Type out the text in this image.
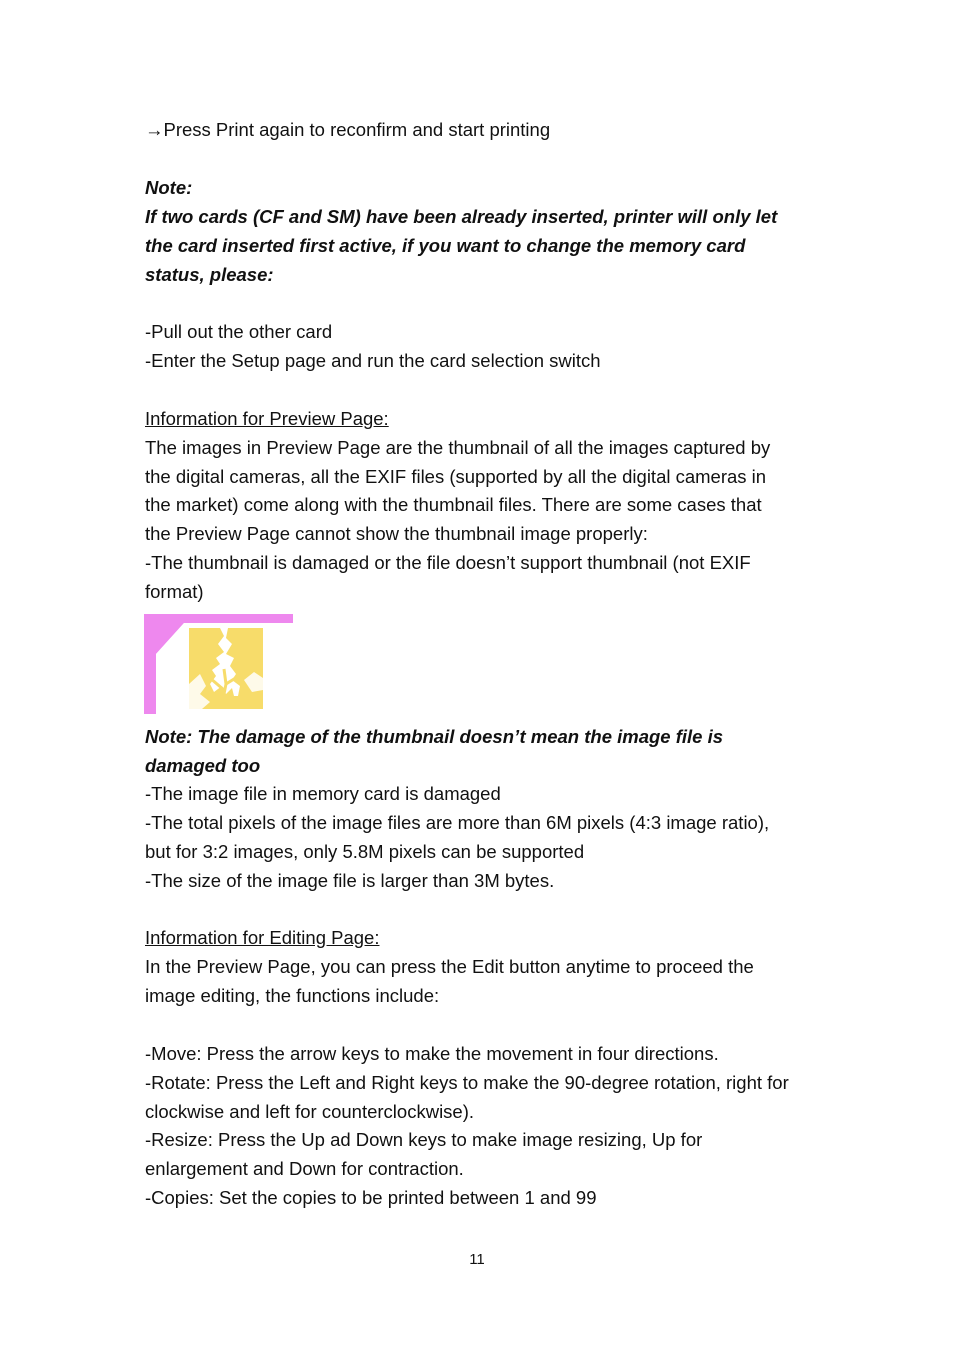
→Press Print again to reconfirm and start printing
Note:
If two cards (CF and SM) have been already inserted, printer will only let
the card inserted first active, if you want to change the memory card
status, please:
-Pull out the other card
-Enter the Setup page and run the card selection switch
Information for Preview Page:
The images in Preview Page are the thumbnail of all the images captured by
the digital cameras, all the EXIF files (supported by all the digital cameras in
the market) come along with the thumbnail files. There are some cases that
the Preview Page cannot show the thumbnail image properly:
-The thumbnail is damaged or the file doesn’t support thumbnail (not EXIF
format)
Note: The damage of the thumbnail doesn’t mean the image file is
damaged too
-The image file in memory card is damaged
-The total pixels of the image files are more than 6M pixels (4:3 image ratio),
but for 3:2 images, only 5.8M pixels can be supported
-The size of the image file is larger than 3M bytes.
Information for Editing Page:
In the Preview Page, you can press the Edit button anytime to proceed the
image editing, the functions include:
-Move: Press the arrow keys to make the movement in four directions.
-Rotate: Press the Left and Right keys to make the 90-degree rotation, right for
clockwise and left for counterclockwise).
-Resize: Press the Up ad Down keys to make image resizing, Up for
enlargement and Down for contraction.
-Copies: Set the copies to be printed between 1 and 99
11
